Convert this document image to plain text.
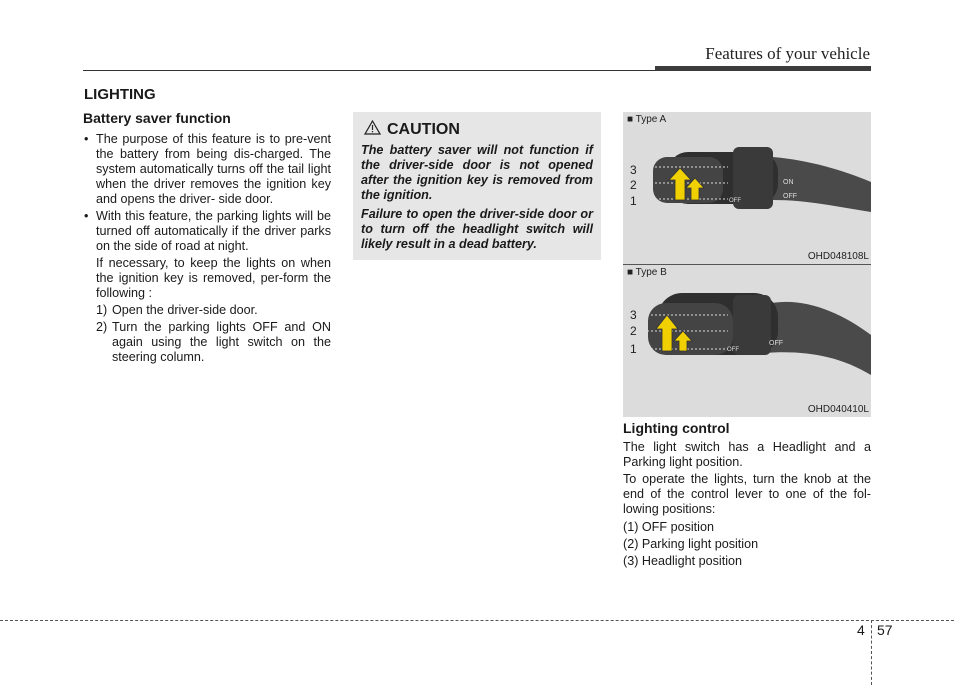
Features of your vehicle
LIGHTING
Battery saver function
• The purpose of this feature is to pre-vent the battery from being dis-charged. The system automatically turns off the tail light when the driver removes the ignition key and opens the driver- side door.
• With this feature, the parking lights will be turned off automatically if the driver parks on the side of road at night.
If necessary, to keep the lights on when the ignition key is removed, per-form the following :
1) Open the driver-side door.
2) Turn the parking lights OFF and ON again using the light switch on the steering column.
CAUTION
The battery saver will not function if the driver-side door is not opened after the ignition key is removed from the ignition.
Failure to open the driver-side door or to turn off the headlight switch will likely result in a dead battery.
ON
OFF
OFF
3
2
1
■ Type A
OHD048108L
OFF
OFF
3
2
1
■ Type B
OHD040410L
Lighting control
The light switch has a Headlight and a Parking light position.
To operate the lights, turn the knob at the end of the control lever to one of the fol-lowing positions:
(1) OFF position
(2) Parking light position
(3) Headlight position
4 57
